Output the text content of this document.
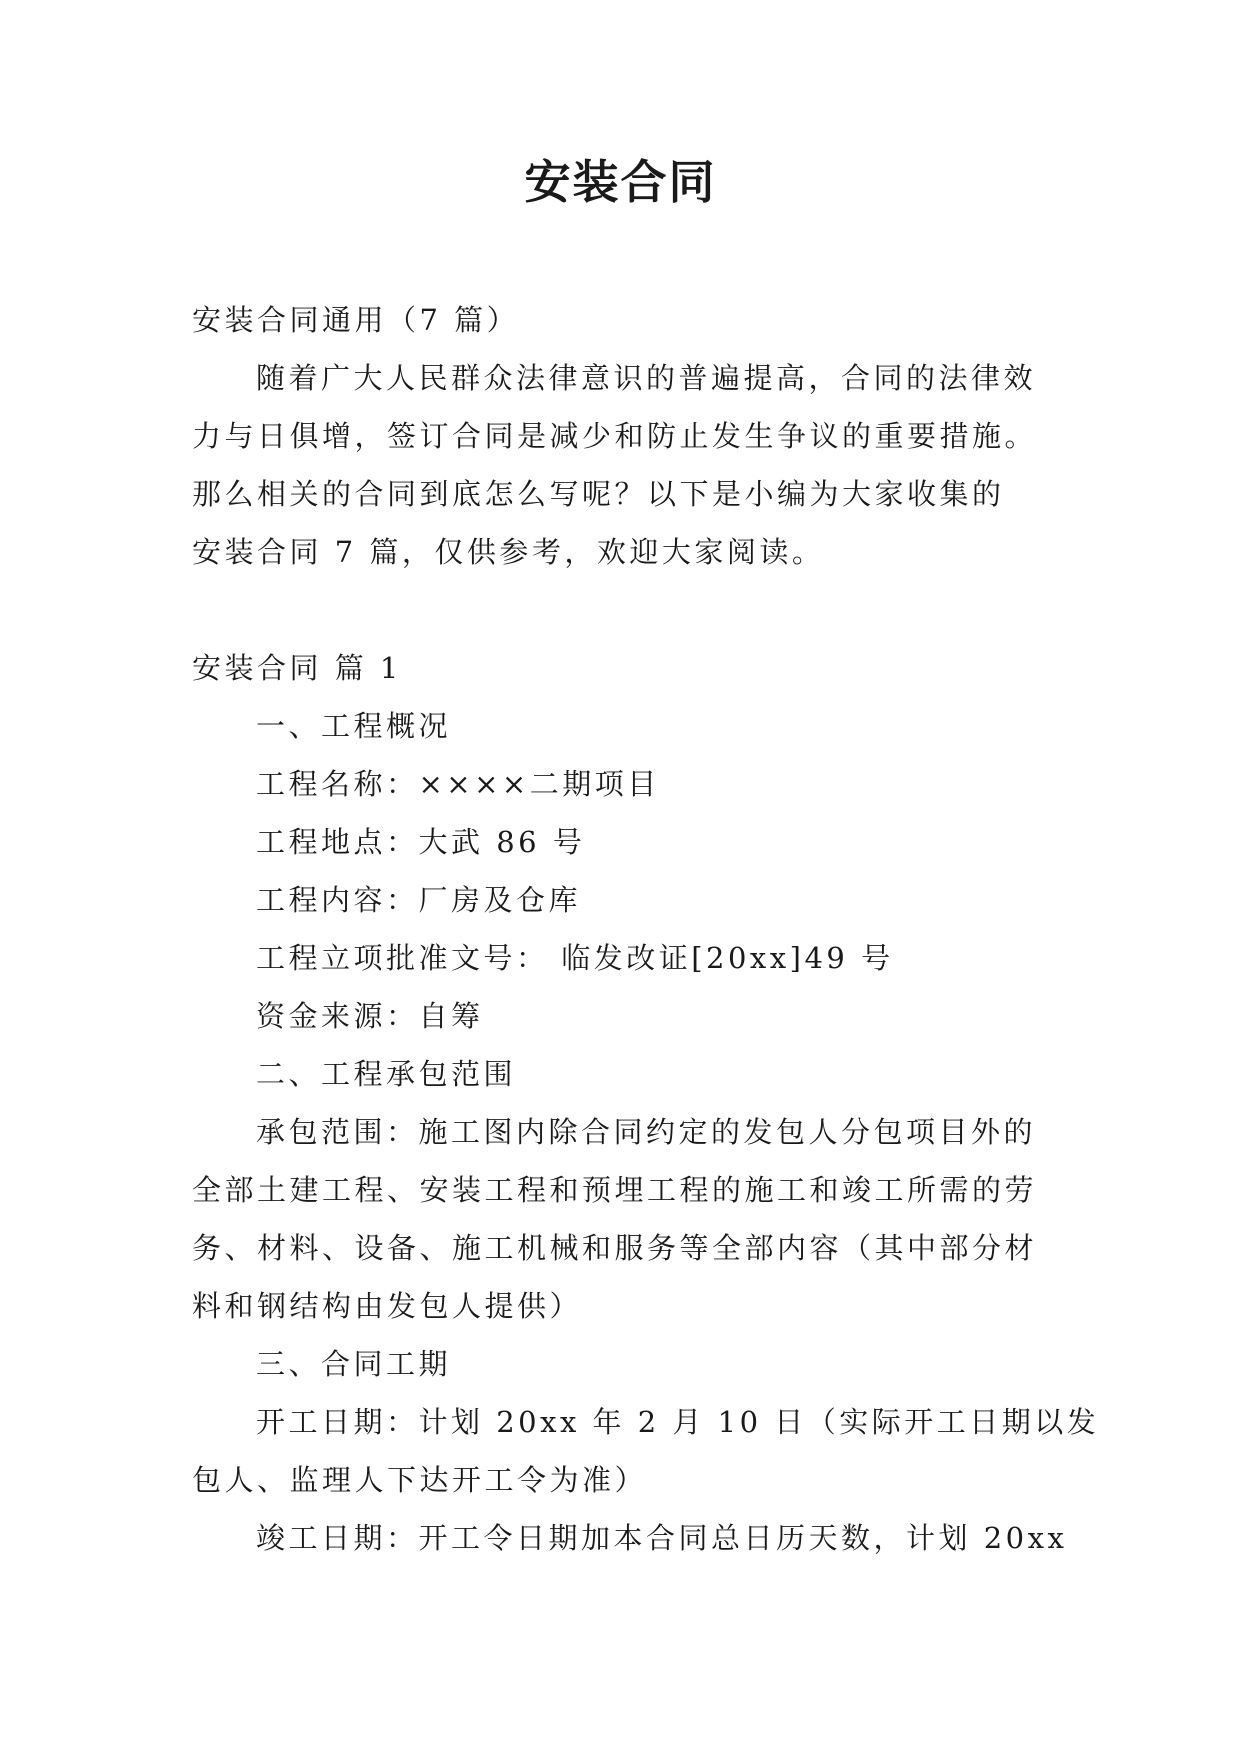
安装合同
安装合同通用（7 篇）
随着广大人民群众法律意识的普遍提高，合同的法律效
力与日俱增，签订合同是减少和防止发生争议的重要措施。
那么相关的合同到底怎么写呢？以下是小编为大家收集的
安装合同 7 篇，仅供参考，欢迎大家阅读。
安装合同 篇 1
一、工程概况
工程名称：××××二期项目
工程地点：大武 86 号
工程内容：厂房及仓库
工程立项批准文号： 临发改证[20xx]49 号
资金来源：自筹
二、工程承包范围
承包范围：施工图内除合同约定的发包人分包项目外的
全部土建工程、安装工程和预埋工程的施工和竣工所需的劳
务、材料、设备、施工机械和服务等全部内容（其中部分材
料和钢结构由发包人提供）
三、合同工期
开工日期：计划 20xx 年 2 月 10 日（实际开工日期以发
包人、监理人下达开工令为准）
竣工日期：开工令日期加本合同总日历天数，计划 20xx
